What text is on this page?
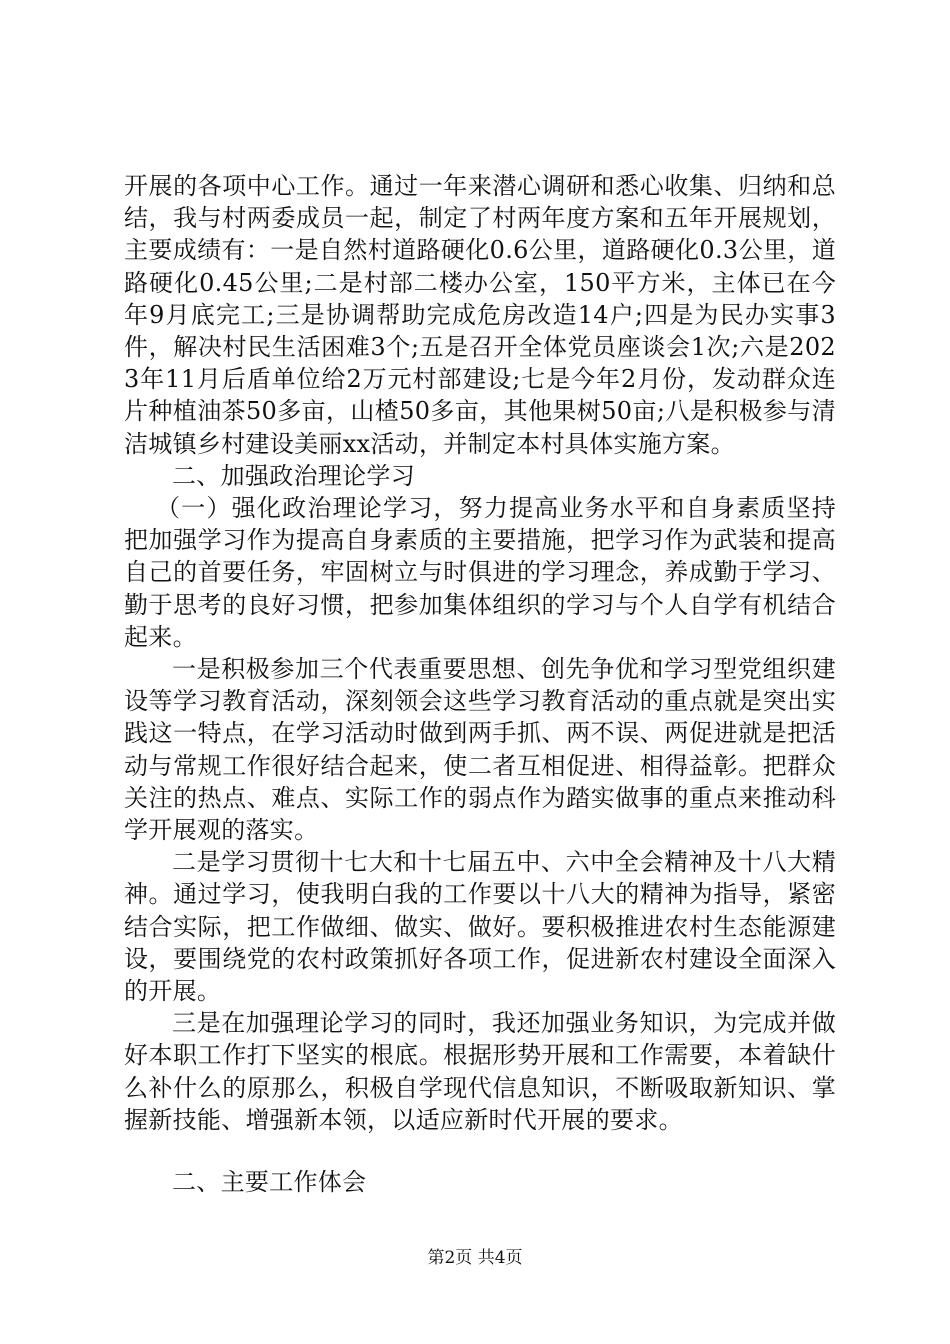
开展的各项中心工作。通过一年来潜心调研和悉心收集、归纳和总结，我与村两委成员一起，制定了村两年度方案和五年开展规划，主要成绩有：一是自然村道路硬化0.6公里，道路硬化0.3公里，道路硬化0.45公里;二是村部二楼办公室，150平方米，主体已在今年9月底完工;三是协调帮助完成危房改造14户;四是为民办实事3件，解决村民生活困难3个;五是召开全体党员座谈会1次;六是2023年11月后盾单位给2万元村部建设;七是今年2月份，发动群众连片种植油茶50多亩，山楂50多亩，其他果树50亩;八是积极参与清洁城镇乡村建设美丽xx活动，并制定本村具体实施方案。

二、加强政治理论学习

（一）强化政治理论学习，努力提高业务水平和自身素质坚持把加强学习作为提高自身素质的主要措施，把学习作为武装和提高自己的首要任务，牢固树立与时俱进的学习理念，养成勤于学习、勤于思考的良好习惯，把参加集体组织的学习与个人自学有机结合起来。

一是积极参加三个代表重要思想、创先争优和学习型党组织建设等学习教育活动，深刻领会这些学习教育活动的重点就是突出实践这一特点，在学习活动时做到两手抓、两不误、两促进就是把活动与常规工作很好结合起来，使二者互相促进、相得益彰。把群众关注的热点、难点、实际工作的弱点作为踏实做事的重点来推动科学开展观的落实。

二是学习贯彻十七大和十七届五中、六中全会精神及十八大精神。通过学习，使我明白我的工作要以十八大的精神为指导，紧密结合实际，把工作做细、做实、做好。要积极推进农村生态能源建设，要围绕党的农村政策抓好各项工作，促进新农村建设全面深入的开展。

三是在加强理论学习的同时，我还加强业务知识，为完成并做好本职工作打下坚实的根底。根据形势开展和工作需要，本着缺什么补什么的原那么，积极自学现代信息知识，不断吸取新知识、掌握新技能、增强新本领，以适应新时代开展的要求。

二、主要工作体会

第2页 共4页
